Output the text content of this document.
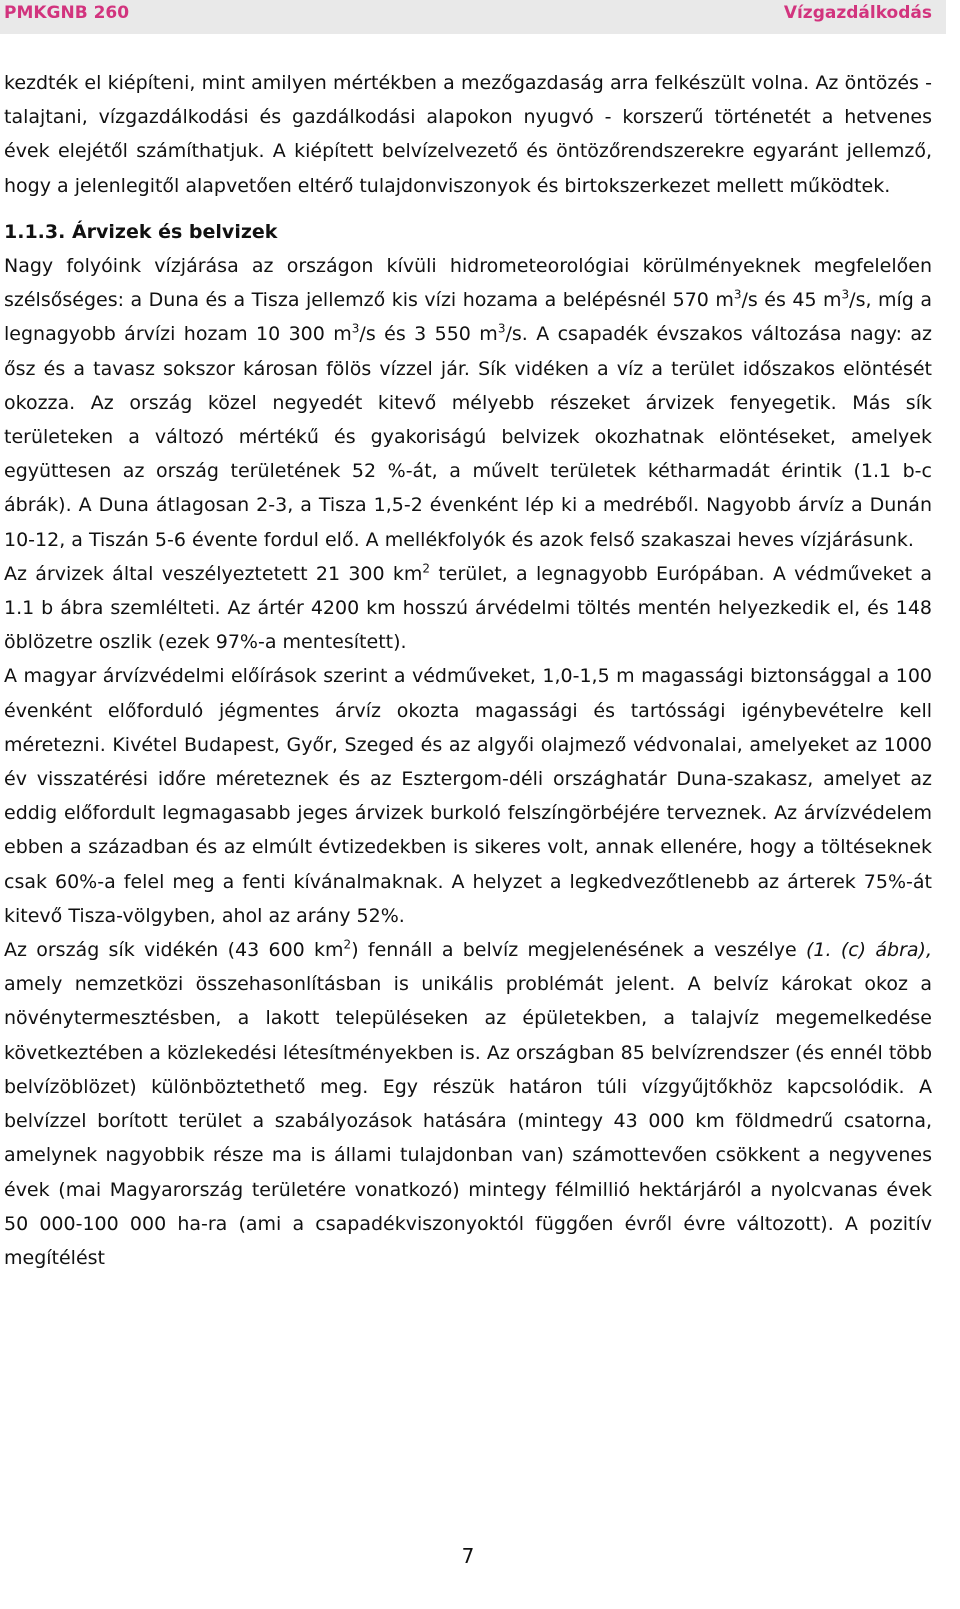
PMKGNB 260	Vízgazdálkodás

kezdték el kiépíteni, mint amilyen mértékben a mezőgazdaság arra felkészült volna. Az öntözés - talajtani, vízgazdálkodási és gazdálkodási alapokon nyugvó - korszerű történetét a hetvenes évek elejétől számíthatjuk. A kiépített belvízelvezető és öntözőrendszerekre egyaránt jellemző, hogy a jelenlegitől alapvetően eltérő tulajdonviszonyok és birtokszerkezet mellett működtek.

1.1.3. Árvizek és belvizek

Nagy folyóink vízjárása az országon kívüli hidrometeorológiai körülményeknek megfelelően szélsőséges: a Duna és a Tisza jellemző kis vízi hozama a belépésnél 570 $m^3/s$ és 45 $m^3/s$, míg a legnagyobb árvízi hozam 10 300 $m^3/s$ és 3 550 $m^3/s$. A csapadék évszakos változása nagy: az ősz és a tavasz sokszor károsan fölös vízzel jár. Sík vidéken a víz a terület időszakos elöntését okozza. Az ország közel negyedét kitevő mélyebb részeket árvizek fenyegetik. Más sík területeken a változó mértékű és gyakoriságú belvizek okozhatnak elöntéseket, amelyek együttesen az ország területének 52 %-át, a művelt területek kétharmadát érintik (1.1 b-c ábrák). A Duna átlagosan 2-3, a Tisza 1,5-2 évenként lép ki a medréből. Nagyobb árvíz a Dunán 10-12, a Tiszán 5-6 évente fordul elő. A mellékfolyók és azok felső szakaszai heves vízjárásunk.

Az árvizek által veszélyeztetett 21 300 $km^2$ terület, a legnagyobb Európában. A védműveket a 1.1 b ábra szemlélteti. Az ártér 4200 km hosszú árvédelmi töltés mentén helyezkedik el, és 148 öblözetre oszlik (ezek 97%-a mentesített).

A magyar árvízvédelmi előírások szerint a védműveket, 1,0-1,5 m magassági biztonsággal a 100 évenként előforduló jégmentes árvíz okozta magassági és tartóssági igénybevételre kell méretezni. Kivétel Budapest, Győr, Szeged és az algyői olajmező védvonalai, amelyeket az 1000 év visszatérési időre méreteznek és az Esztergom-déli országhatár Duna-szakasz, amelyet az eddig előfordult legmagasabb jeges árvizek burkoló felszíngörbéjére terveznek. Az árvízvédelem ebben a században és az elmúlt évtizedekben is sikeres volt, annak ellenére, hogy a töltéseknek csak 60%-a felel meg a fenti kívánalmaknak. A helyzet a legkedvezőtlenebb az árterek 75%-át kitevő Tisza-völgyben, ahol az arány 52%.

Az ország sík vidékén (43 600 $km^2$) fennáll a belvíz megjelenésének a veszélye (1. (c) ábra), amely nemzetközi összehasonlításban is unikális problémát jelent. A belvíz károkat okoz a növénytermesztésben, a lakott településeken az épületekben, a talajvíz megemelkedése következtében a közlekedési létesítményekben is. Az országban 85 belvízrendszer (és ennél több belvízöblözet) különböztethető meg. Egy részük határon túli vízgyűjtőkhöz kapcsolódik. A belvízzel borított terület a szabályozások hatására (mintegy 43 000 km földmedrű csatorna, amelynek nagyobbik része ma is állami tulajdonban van) számottevően csökkent a negyvenes évek (mai Magyarország területére vonatkozó) mintegy félmillió hektárjáról a nyolcvanas évek 50 000-100 000 ha-ra (ami a csapadékviszonyoktól függően évről évre változott). A pozitív megítélést

7
